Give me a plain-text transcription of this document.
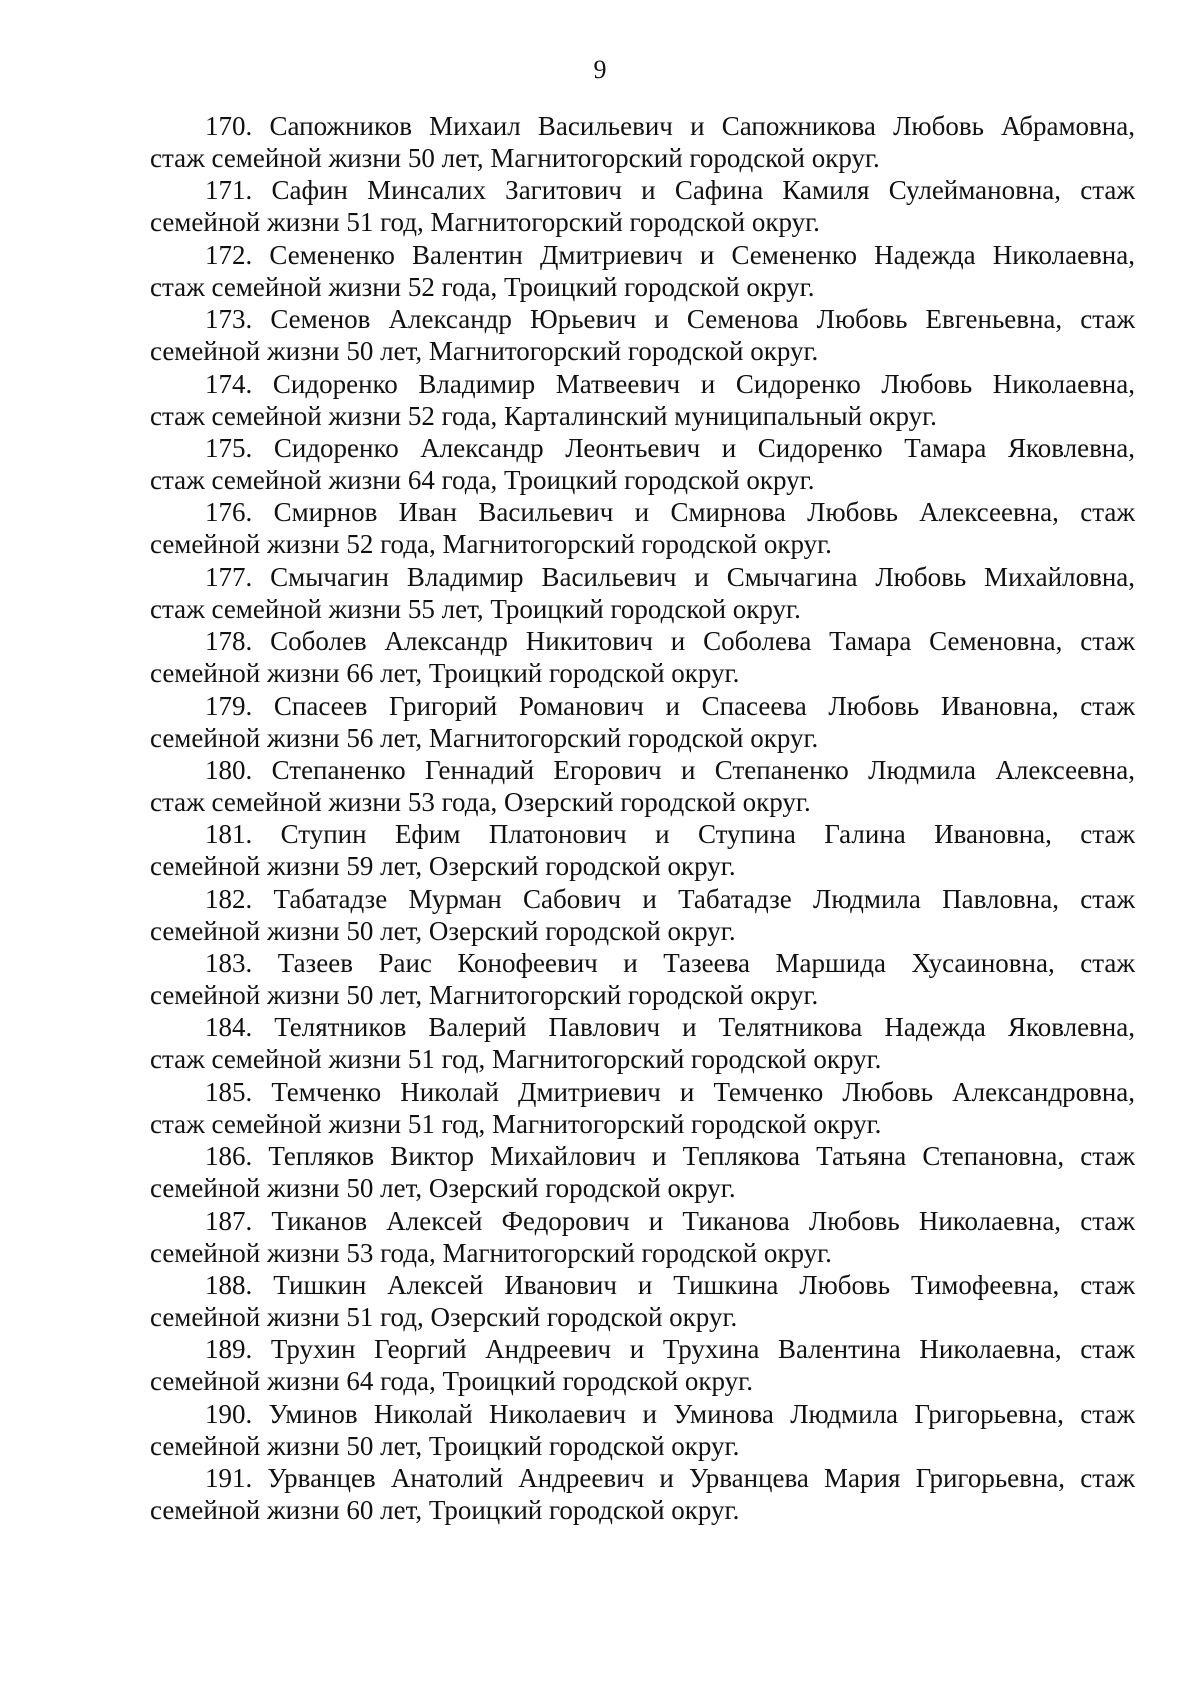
9
170. Сапожников Михаил Васильевич и Сапожникова Любовь Абрамовна,
стаж семейной жизни 50 лет, Магнитогорский городской округ.
171. Сафин Минсалих Загитович и Сафина Камиля Сулеймановна, стаж
семейной жизни 51 год, Магнитогорский городской округ.
172. Семененко Валентин Дмитриевич и Семененко Надежда Николаевна,
стаж семейной жизни 52 года, Троицкий городской округ.
173. Семенов Александр Юрьевич и Семенова Любовь Евгеньевна, стаж
семейной жизни 50 лет, Магнитогорский городской округ.
174. Сидоренко Владимир Матвеевич и Сидоренко Любовь Николаевна,
стаж семейной жизни 52 года, Карталинский муниципальный округ.
175. Сидоренко Александр Леонтьевич и Сидоренко Тамара Яковлевна,
стаж семейной жизни 64 года, Троицкий городской округ.
176. Смирнов Иван Васильевич и Смирнова Любовь Алексеевна, стаж
семейной жизни 52 года, Магнитогорский городской округ.
177. Смычагин Владимир Васильевич и Смычагина Любовь Михайловна,
стаж семейной жизни 55 лет, Троицкий городской округ.
178. Соболев Александр Никитович и Соболева Тамара Семеновна, стаж
семейной жизни 66 лет, Троицкий городской округ.
179. Спасеев Григорий Романович и Спасеева Любовь Ивановна, стаж
семейной жизни 56 лет, Магнитогорский городской округ.
180. Степаненко Геннадий Егорович и Степаненко Людмила Алексеевна,
стаж семейной жизни 53 года, Озерский городской округ.
181. Ступин Ефим Платонович и Ступина Галина Ивановна, стаж
семейной жизни 59 лет, Озерский городской округ.
182. Табатадзе Мурман Сабович и Табатадзе Людмила Павловна, стаж
семейной жизни 50 лет, Озерский городской округ.
183. Тазеев Раис Конофеевич и Тазеева Маршида Хусаиновна, стаж
семейной жизни 50 лет, Магнитогорский городской округ.
184. Телятников Валерий Павлович и Телятникова Надежда Яковлевна,
стаж семейной жизни 51 год, Магнитогорский городской округ.
185. Темченко Николай Дмитриевич и Темченко Любовь Александровна,
стаж семейной жизни 51 год, Магнитогорский городской округ.
186. Тепляков Виктор Михайлович и Теплякова Татьяна Степановна, стаж
семейной жизни 50 лет, Озерский городской округ.
187. Тиканов Алексей Федорович и Тиканова Любовь Николаевна, стаж
семейной жизни 53 года, Магнитогорский городской округ.
188. Тишкин Алексей Иванович и Тишкина Любовь Тимофеевна, стаж
семейной жизни 51 год, Озерский городской округ.
189. Трухин Георгий Андреевич и Трухина Валентина Николаевна, стаж
семейной жизни 64 года, Троицкий городской округ.
190. Уминов Николай Николаевич и Уминова Людмила Григорьевна, стаж
семейной жизни 50 лет, Троицкий городской округ.
191. Урванцев Анатолий Андреевич и Урванцева Мария Григорьевна, стаж
семейной жизни 60 лет, Троицкий городской округ.
